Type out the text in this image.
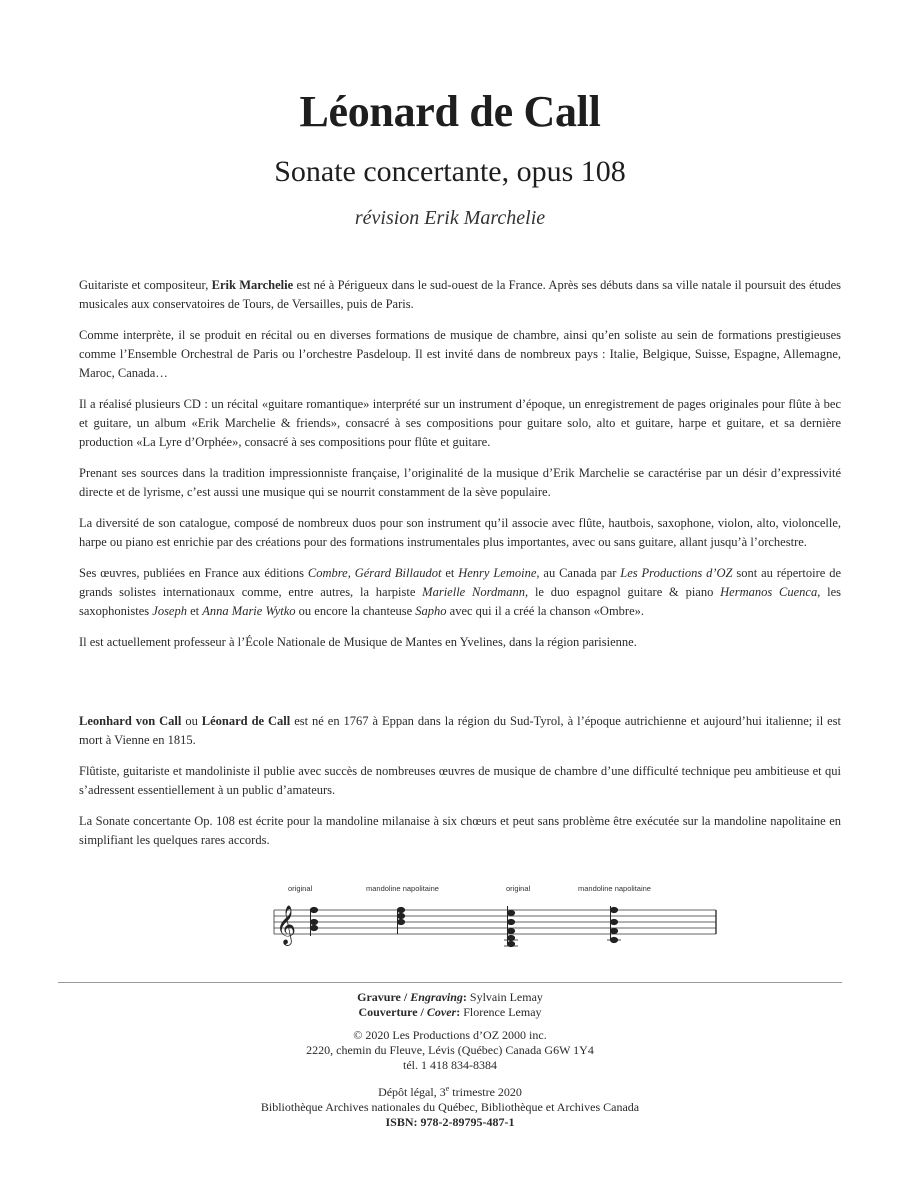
Léonard de Call
Sonate concertante, opus 108
révision Erik Marchelie

Guitariste et compositeur, Erik Marchelie est né à Périgueux dans le sud-ouest de la France. Après ses débuts dans sa ville natale il poursuit des études musicales aux conservatoires de Tours, de Versailles, puis de Paris.

Comme interprète, il se produit en récital ou en diverses formations de musique de chambre, ainsi qu’en soliste au sein de formations prestigieuses comme l’Ensemble Orchestral de Paris ou l’orchestre Pasdeloup. Il est invité dans de nombreux pays : Italie, Belgique, Suisse, Espagne, Allemagne, Maroc, Canada…

Il a réalisé plusieurs CD : un récital «guitare romantique» interprété sur un instrument d’époque, un enregistrement de pages originales pour flûte à bec et guitare, un album «Erik Marchelie & friends», consacré à ses compositions pour guitare solo, alto et guitare, harpe et guitare, et sa dernière production «La Lyre d’Orphée», consacré à ses compositions pour flûte et guitare.

Prenant ses sources dans la tradition impressionniste française, l’originalité de la musique d’Erik Marchelie se caractérise par un désir d’expressivité directe et de lyrisme, c’est aussi une musique qui se nourrit constamment de la sève populaire.

La diversité de son catalogue, composé de nombreux duos pour son instrument qu’il associe avec flûte, hautbois, saxophone, violon, alto, violoncelle, harpe ou piano est enrichie par des créations pour des formations instrumentales plus importantes, avec ou sans guitare, allant jusqu’à l’orchestre.

Ses œuvres, publiées en France aux éditions Combre, Gérard Billaudot et Henry Lemoine, au Canada par Les Productions d’OZ sont au répertoire de grands solistes internationaux comme, entre autres, la harpiste Marielle Nordmann, le duo espagnol guitare & piano Hermanos Cuenca, les saxophonistes Joseph et Anna Marie Wytko ou encore la chanteuse Sapho avec qui il a créé la chanson «Ombre».

Il est actuellement professeur à l’École Nationale de Musique de Mantes en Yvelines, dans la région parisienne.

Leonhard von Call ou Léonard de Call est né en 1767 à Eppan dans la région du Sud-Tyrol, à l’époque autrichienne et aujourd’hui italienne; il est mort à Vienne en 1815.

Flûtiste, guitariste et mandoliniste il publie avec succès de nombreuses œuvres de musique de chambre d’une difficulté technique peu ambitieuse et qui s’adressent essentiellement à un public d’amateurs.

La Sonate concertante Op. 108 est écrite pour la mandoline milanaise à six chœurs et peut sans problème être exécutée sur la mandoline napolitaine en simplifiant les quelques rares accords.

original	mandoline napolitaine	original	mandoline napolitaine
𝄞
Gravure / Engraving: Sylvain Lemay
Couverture / Cover: Florence Lemay
© 2020 Les Productions d’OZ 2000 inc.
2220, chemin du Fleuve, Lévis (Québec) Canada G6W 1Y4
tél. 1 418 834-8384
Dépôt légal, 3e trimestre 2020
Bibliothèque Archives nationales du Québec, Bibliothèque et Archives Canada
ISBN: 978-2-89795-487-1
